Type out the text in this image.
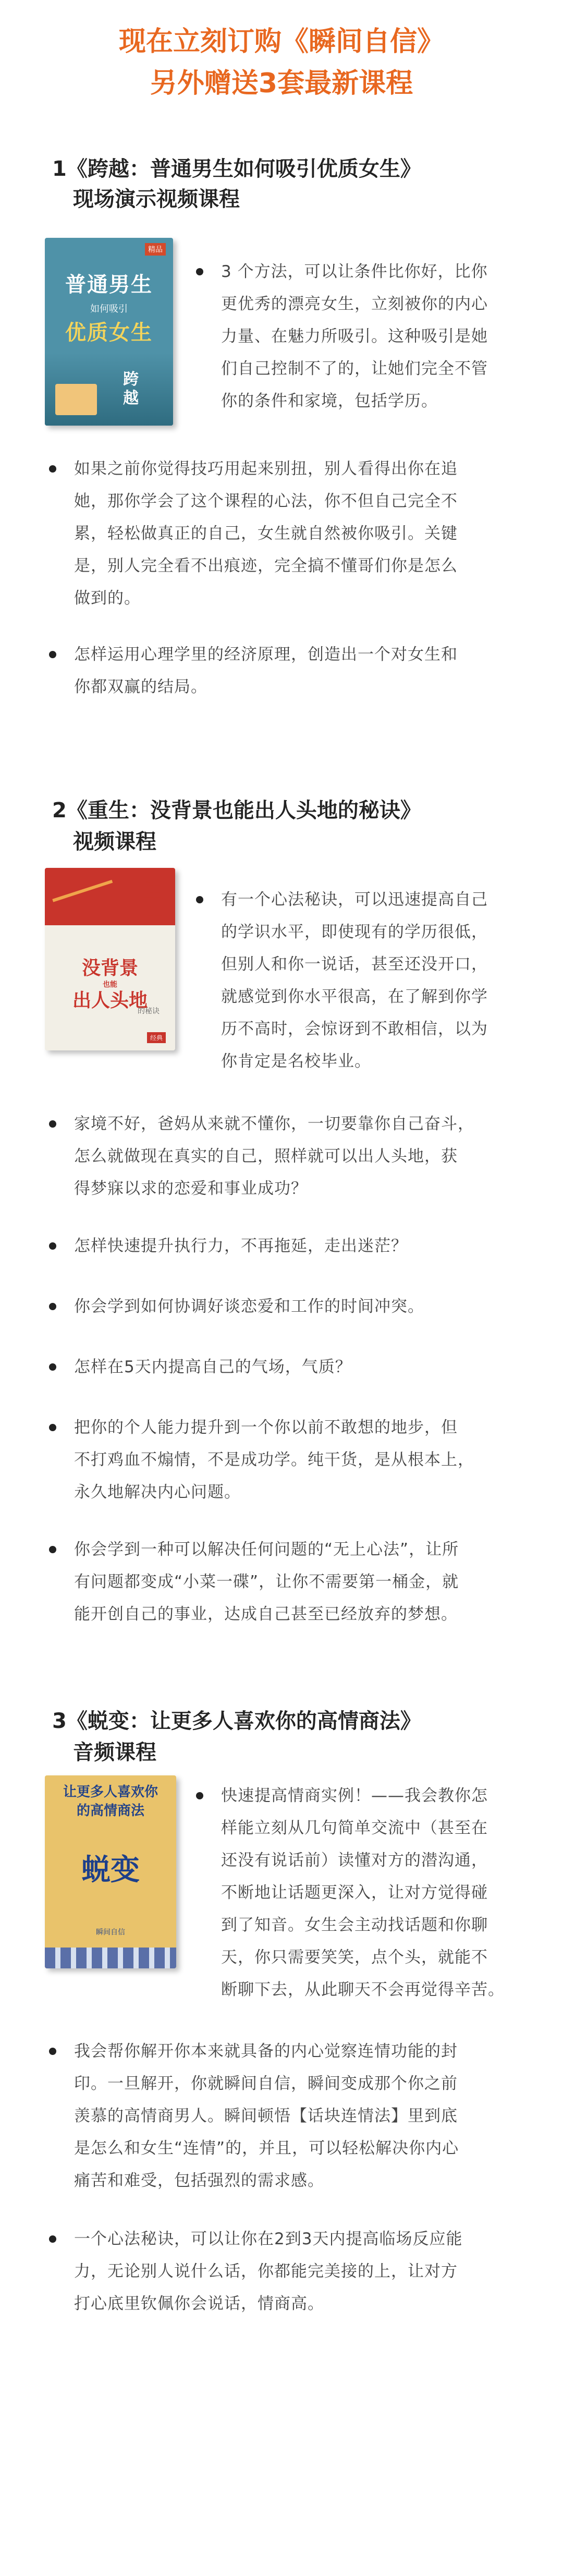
现在立刻订购《瞬间自信》
另外赠送3套最新课程
1《跨越：普通男生如何吸引优质女生》
现场演示视频课程
精品
普通男生
如何吸引
优质女生
跨越
3 个方法，可以让条件比你好，比你
更优秀的漂亮女生，立刻被你的内心
力量、在魅力所吸引。这种吸引是她
们自己控制不了的，让她们完全不管
你的条件和家境，包括学历。
如果之前你觉得技巧用起来别扭，别人看得出你在追
她，那你学会了这个课程的心法，你不但自己完全不
累，轻松做真正的自己，女生就自然被你吸引。关键
是，别人完全看不出痕迹，完全搞不懂哥们你是怎么
做到的。
怎样运用心理学里的经济原理，创造出一个对女生和
你都双赢的结局。
2《重生：没背景也能出人头地的秘诀》
视频课程
重生
没背景
也能
出人头地
的秘诀
经典
有一个心法秘诀，可以迅速提高自己
的学识水平，即使现有的学历很低，
但别人和你一说话，甚至还没开口，
就感觉到你水平很高，在了解到你学
历不高时，会惊讶到不敢相信，以为
你肯定是名校毕业。
家境不好，爸妈从来就不懂你，一切要靠你自己奋斗，
怎么就做现在真实的自己，照样就可以出人头地，获
得梦寐以求的恋爱和事业成功？
怎样快速提升执行力，不再拖延，走出迷茫？
你会学到如何协调好谈恋爱和工作的时间冲突。
怎样在5天内提高自己的气场，气质？
把你的个人能力提升到一个你以前不敢想的地步，但
不打鸡血不煽情，不是成功学。纯干货，是从根本上，
永久地解决内心问题。
你会学到一种可以解决任何问题的“无上心法”，让所
有问题都变成“小菜一碟”，让你不需要第一桶金，就
能开创自己的事业，达成自己甚至已经放弃的梦想。
3《蜕变：让更多人喜欢你的高情商法》
音频课程
让更多人喜欢你
的高情商法
蜕变
瞬间自信
快速提高情商实例！——我会教你怎
样能立刻从几句简单交流中（甚至在
还没有说话前）读懂对方的潜沟通，
不断地让话题更深入，让对方觉得碰
到了知音。女生会主动找话题和你聊
天，你只需要笑笑，点个头，就能不
断聊下去，从此聊天不会再觉得辛苦。
我会帮你解开你本来就具备的内心觉察连情功能的封
印。一旦解开，你就瞬间自信，瞬间变成那个你之前
羡慕的高情商男人。瞬间顿悟【话块连情法】里到底
是怎么和女生“连情”的，并且，可以轻松解决你内心
痛苦和难受，包括强烈的需求感。
一个心法秘诀，可以让你在2到3天内提高临场反应能
力，无论别人说什么话，你都能完美接的上，让对方
打心底里钦佩你会说话，情商高。
